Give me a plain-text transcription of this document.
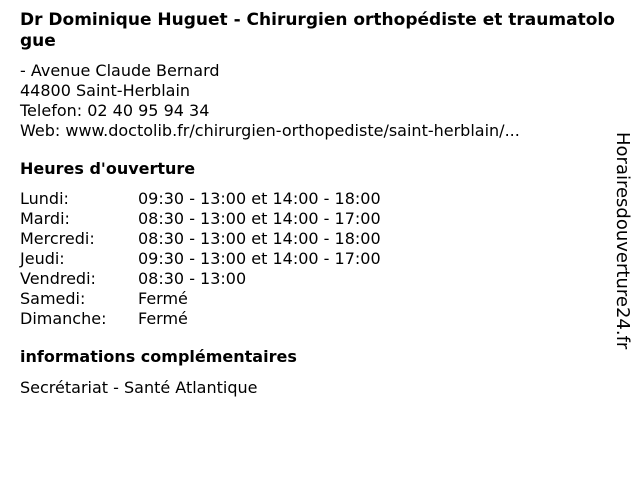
Dr Dominique Huguet - Chirurgien orthopédiste et traumatologue
- Avenue Claude Bernard
44800 Saint-Herblain
Telefon: 02 40 95 94 34
Web: www.doctolib.fr/chirurgien-orthopediste/saint-herblain/...
Heures d'ouverture
Lundi:	09:30 - 13:00 et 14:00 - 18:00
Mardi:	08:30 - 13:00 et 14:00 - 17:00
Mercredi:	08:30 - 13:00 et 14:00 - 18:00
Jeudi:	09:30 - 13:00 et 14:00 - 17:00
Vendredi:	08:30 - 13:00
Samedi:	Fermé
Dimanche:	Fermé
informations complémentaires
Secrétariat - Santé Atlantique
Horairesdouverture24.fr
